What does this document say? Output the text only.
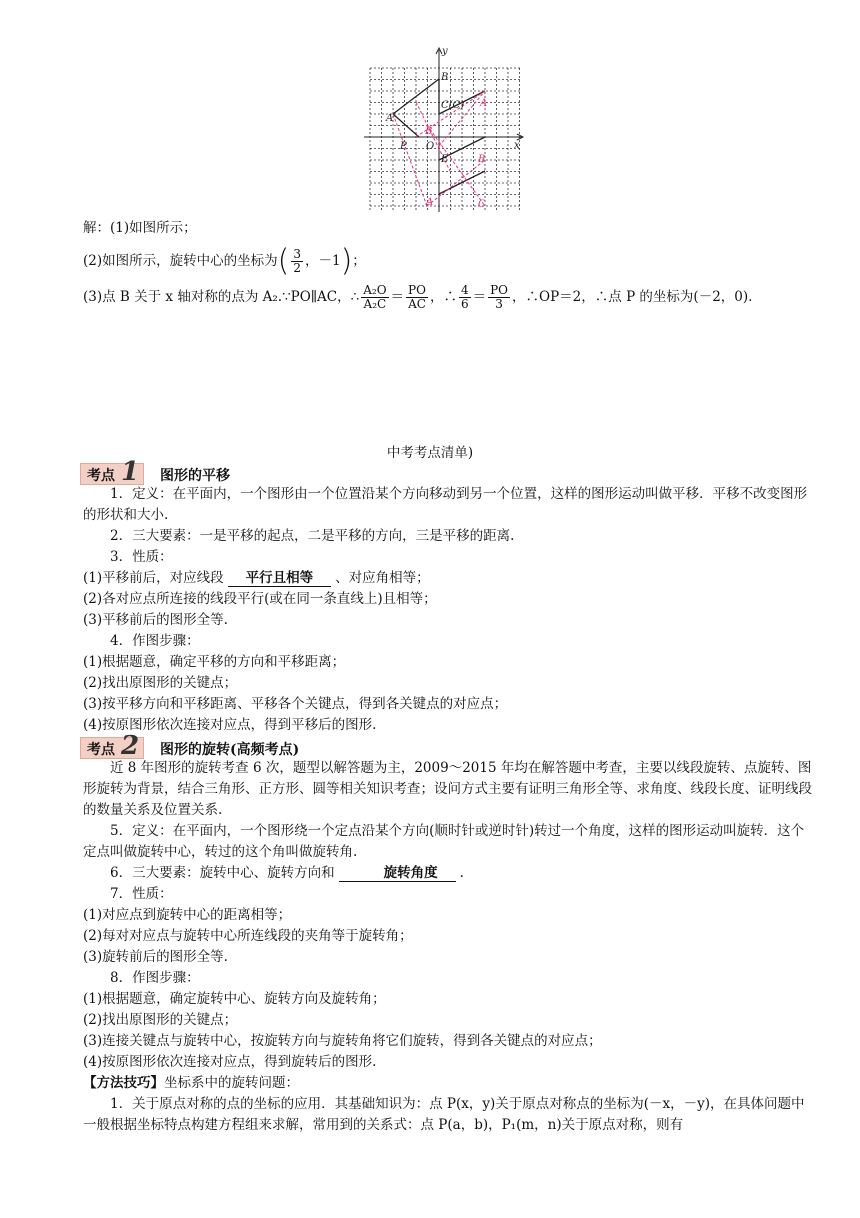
y
x
B
C(C) A
A
B
P O
E	B
A	C
解：(1)如图所示；
(2)如图所示，旋转中心的坐标为( $\frac{3}{2}$ ，－1)；
(3)点 B 关于 x 轴对称的点为 A₂.∵PO∥AC，∴ $\frac{\text{A₂O}}{\text{A₂C}} = \frac{PO}{AC}$ ，∴ $\frac{4}{6} = \frac{PO}{3}$ ，∴OP＝2，∴点 P 的坐标为(－2，0).
中考考点清单)
考点 1 图形的平移
1．定义：在平面内，一个图形由一个位置沿某个方向移动到另一个位置，这样的图形运动叫做平移．平移不改变图形的形状和大小.
2．三大要素：一是平移的起点，二是平移的方向，三是平移的距离.
3．性质：
(1)平移前后，对应线段 平行且相等 、对应角相等；
(2)各对应点所连接的线段平行(或在同一条直线上)且相等；
(3)平移前后的图形全等.
4．作图步骤：
(1)根据题意，确定平移的方向和平移距离；
(2)找出原图形的关键点；
(3)按平移方向和平移距离、平移各个关键点，得到各关键点的对应点；
(4)按原图形依次连接对应点，得到平移后的图形.
考点 2 图形的旋转(高频考点)
近 8 年图形的旋转考查 6 次，题型以解答题为主，2009～2015 年均在解答题中考查，主要以线段旋转、点旋转、图形旋转为背景，结合三角形、正方形、圆等相关知识考查；设问方式主要有证明三角形全等、求角度、线段长度、证明线段的数量关系及位置关系.
5．定义：在平面内，一个图形绕一个定点沿某个方向(顺时针或逆时针)转过一个角度，这样的图形运动叫旋转．这个定点叫做旋转中心，转过的这个角叫做旋转角.
6．三大要素：旋转中心、旋转方向和	旋转角度 .
7．性质：
(1)对应点到旋转中心的距离相等；
(2)每对对应点与旋转中心所连线段的夹角等于旋转角；
(3)旋转前后的图形全等.
8．作图步骤：
(1)根据题意，确定旋转中心、旋转方向及旋转角；
(2)找出原图形的关键点；
(3)连接关键点与旋转中心，按旋转方向与旋转角将它们旋转，得到各关键点的对应点；
(4)按原图形依次连接对应点，得到旋转后的图形.
【方法技巧】坐标系中的旋转问题：
1．关于原点对称的点的坐标的应用．其基础知识为：点 P(x，y)关于原点对称点的坐标为(－x，－y)，在具体问题中一般根据坐标特点构建方程组来求解，常用到的关系式：点 P(a，b)，P₁(m，n)关于原点对称，则有
